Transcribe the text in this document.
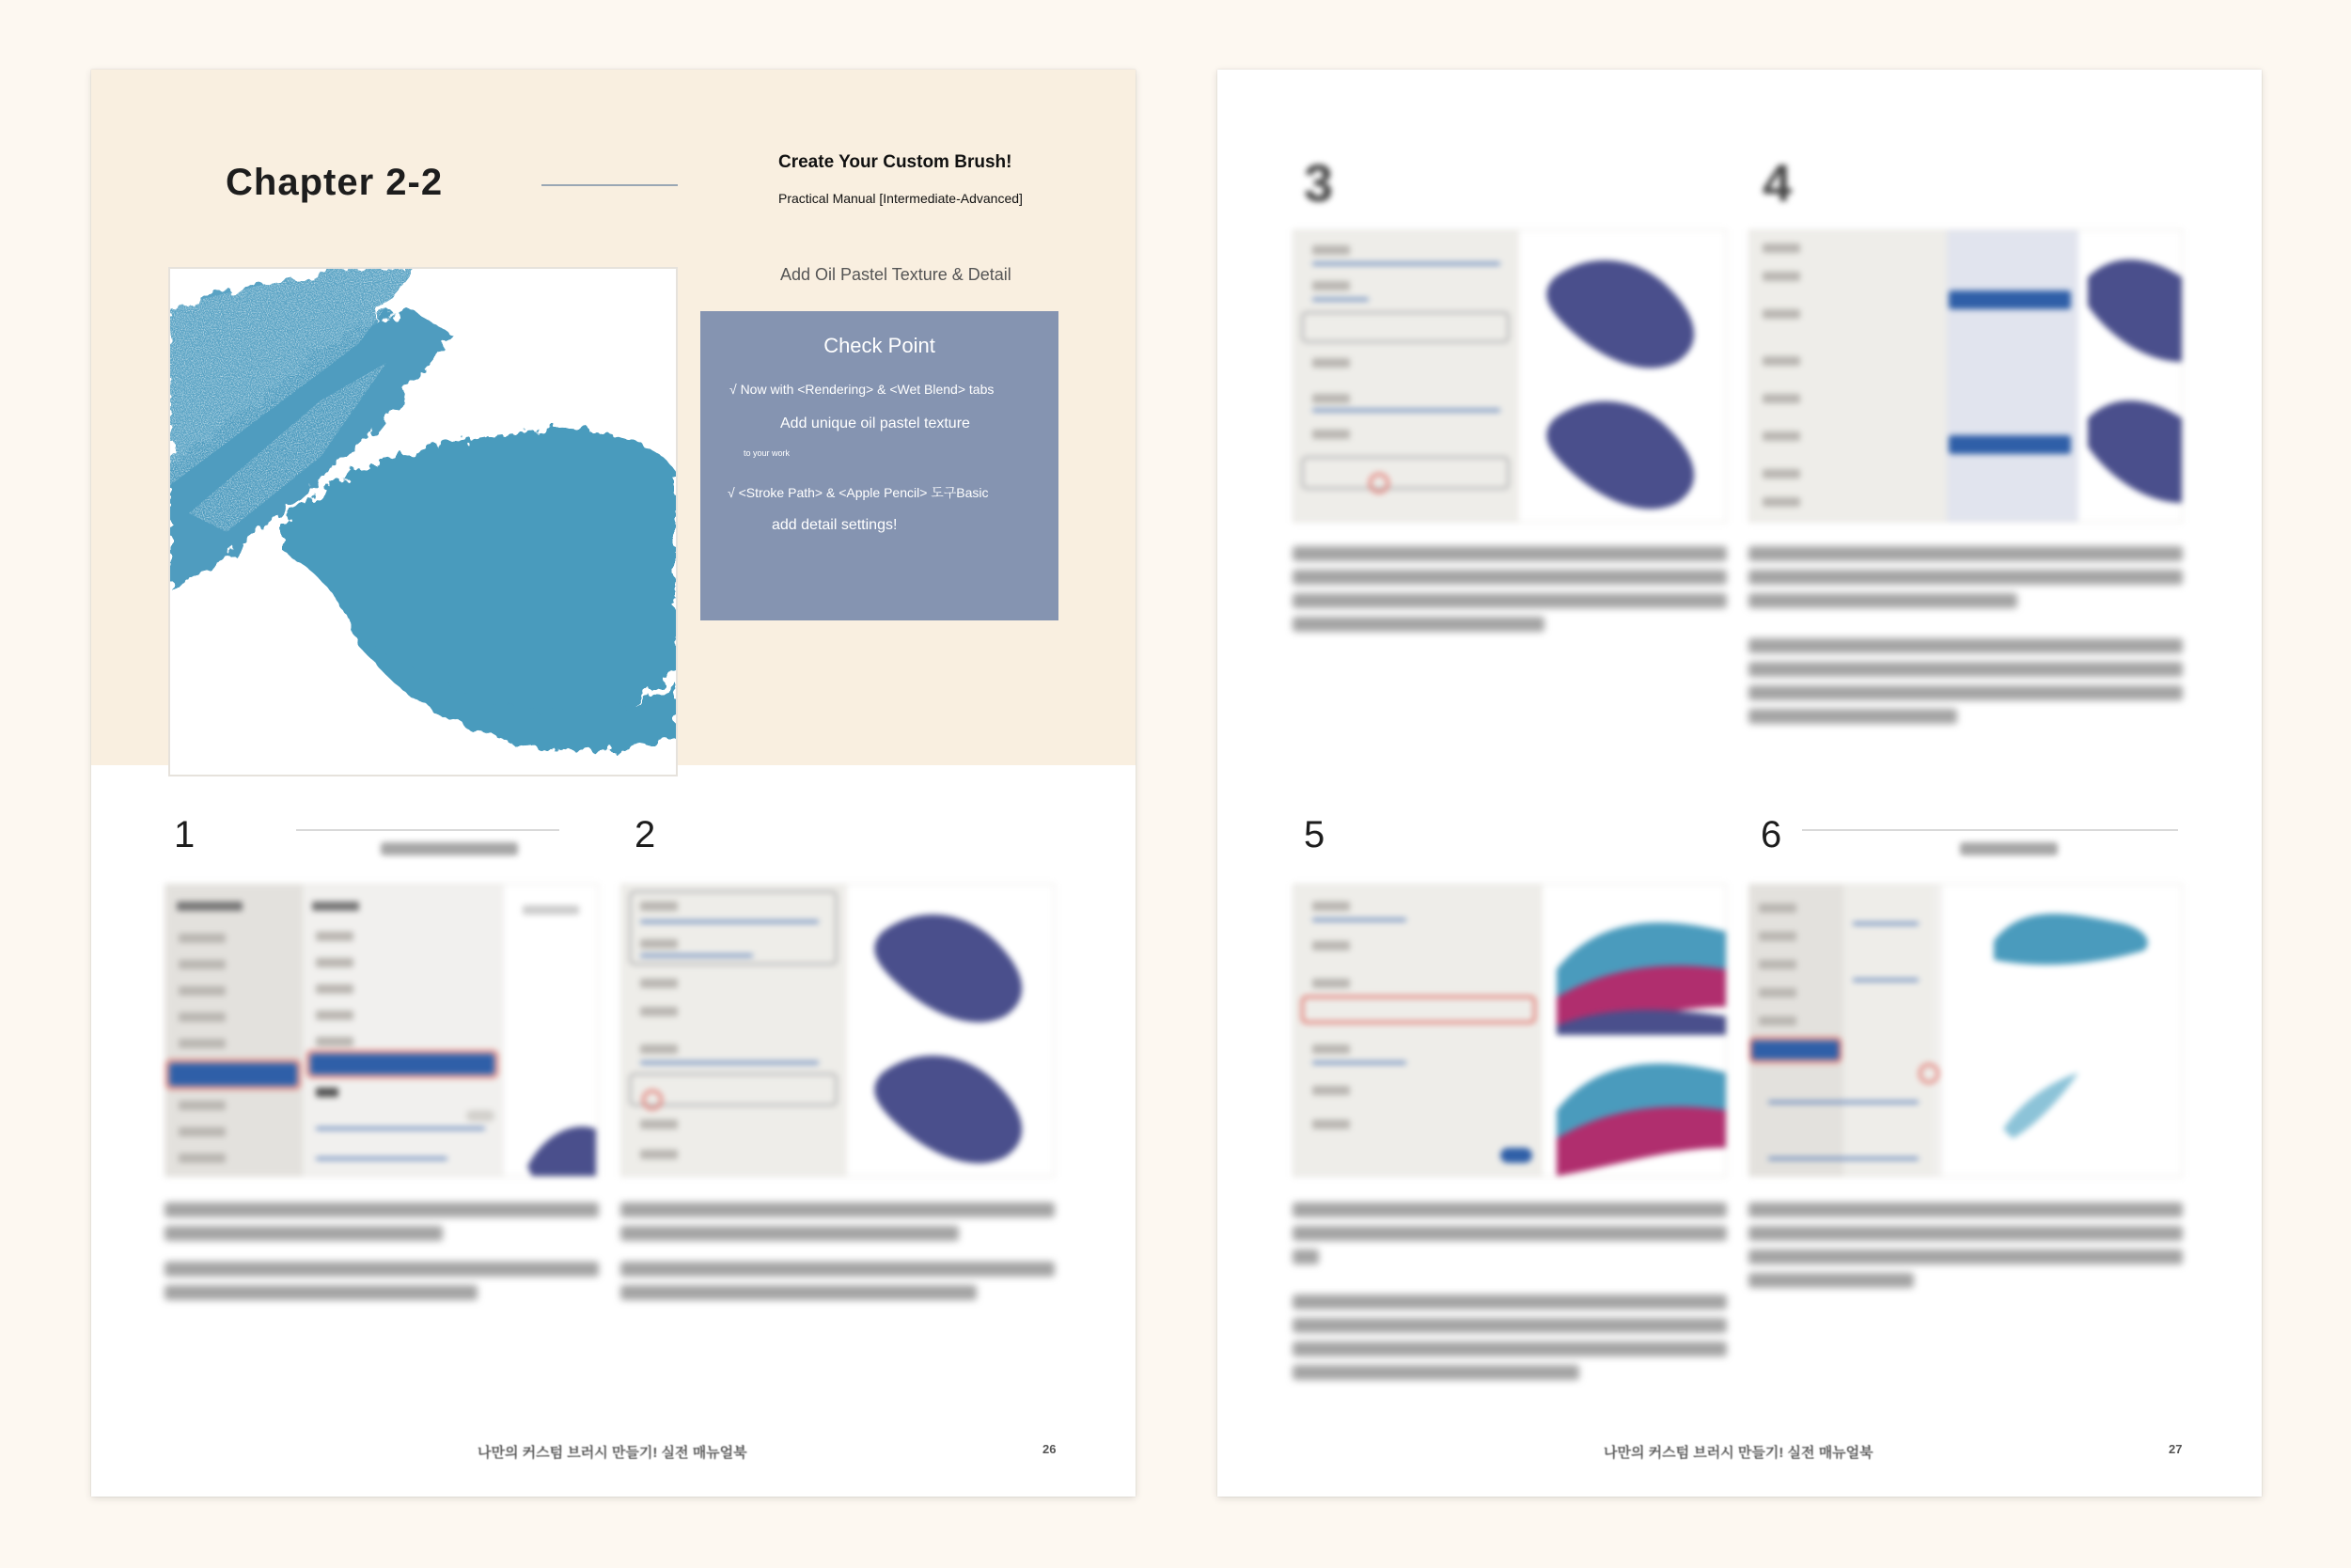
Chapter 2-2	Create Your Custom Brush!
Practical Manual [Intermediate-Advanced]
Add Oil Pastel Texture & Detail
Check Point
√ Now with <Rendering> & <Wet Blend> tabs
Add unique oil pastel texture
to your work
√ <Stroke Path> & <Apple Pencil> 도구Basic
add detail settings!
1	2
나만의 커스텀 브러시 만들기! 실전 매뉴얼북	26
3	4
5	6
나만의 커스텀 브러시 만들기! 실전 매뉴얼북	27
